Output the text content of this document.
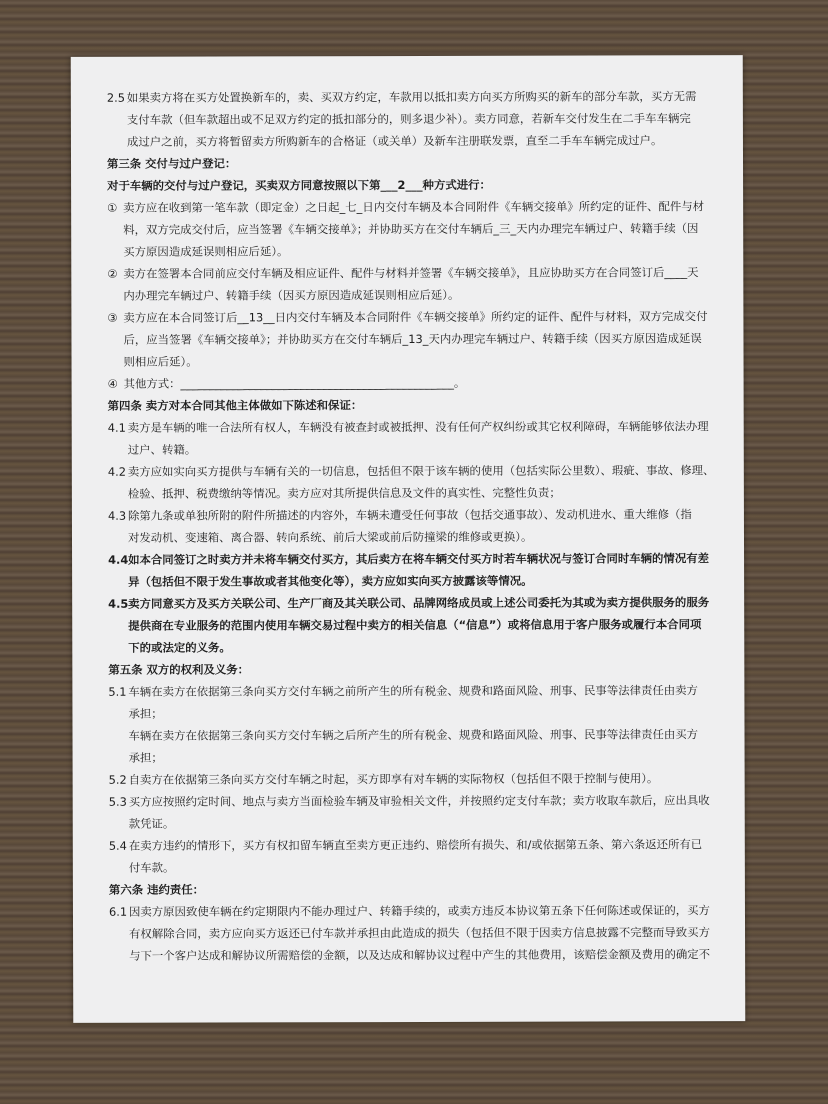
2.5 如果卖方将在买方处置换新车的，卖、买双方约定，车款用以抵扣卖方向买方所购买的新车的部分车款，买方无需
支付车款（但车款超出或不足双方约定的抵扣部分的，则多退少补）。卖方同意，若新车交付发生在二手车车辆完
成过户之前，买方将暂留卖方所购新车的合格证（或关单）及新车注册联发票，直至二手车车辆完成过户。
第三条 交付与过户登记：
对于车辆的交付与过户登记，买卖双方同意按照以下第___2___种方式进行：
① 卖方应在收到第一笔车款（即定金）之日起_七_日内交付车辆及本合同附件《车辆交接单》所约定的证件、配件与材
料，双方完成交付后，应当签署《车辆交接单》；并协助买方在交付车辆后_三_天内办理完车辆过户、转籍手续（因
买方原因造成延误则相应后延）。
② 卖方在签署本合同前应交付车辆及相应证件、配件与材料并签署《车辆交接单》，且应协助买方在合同签订后____天
内办理完车辆过户、转籍手续（因买方原因造成延误则相应后延）。
③ 卖方应在本合同签订后__13__日内交付车辆及本合同附件《车辆交接单》所约定的证件、配件与材料，双方完成交付
后，应当签署《车辆交接单》；并协助买方在交付车辆后_13_天内办理完车辆过户、转籍手续（因买方原因造成延误
则相应后延）。
④ 其他方式：________________________________________________。
第四条 卖方对本合同其他主体做如下陈述和保证：
4.1 卖方是车辆的唯一合法所有权人，车辆没有被查封或被抵押、没有任何产权纠纷或其它权利障碍，车辆能够依法办理
过户、转籍。
4.2 卖方应如实向买方提供与车辆有关的一切信息，包括但不限于该车辆的使用（包括实际公里数）、瑕疵、事故、修理、
检验、抵押、税费缴纳等情况。卖方应对其所提供信息及文件的真实性、完整性负责；
4.3 除第九条或单独所附的附件所描述的内容外，车辆未遭受任何事故（包括交通事故）、发动机进水、重大维修（指
对发动机、变速箱、离合器、转向系统、前后大梁或前后防撞梁的维修或更换）。
4.4 如本合同签订之时卖方并未将车辆交付买方，其后卖方在将车辆交付买方时若车辆状况与签订合同时车辆的情况有差
异（包括但不限于发生事故或者其他变化等），卖方应如实向买方披露该等情况。
4.5 卖方同意买方及买方关联公司、生产厂商及其关联公司、品牌网络成员或上述公司委托为其或为卖方提供服务的服务
提供商在专业服务的范围内使用车辆交易过程中卖方的相关信息（“信息”）或将信息用于客户服务或履行本合同项
下的或法定的义务。
第五条 双方的权利及义务：
5.1 车辆在卖方在依据第三条向买方交付车辆之前所产生的所有税金、规费和路面风险、刑事、民事等法律责任由卖方
承担；
车辆在卖方在依据第三条向买方交付车辆之后所产生的所有税金、规费和路面风险、刑事、民事等法律责任由买方
承担；
5.2 自卖方在依据第三条向买方交付车辆之时起，买方即享有对车辆的实际物权（包括但不限于控制与使用）。
5.3 买方应按照约定时间、地点与卖方当面检验车辆及审验相关文件，并按照约定支付车款；卖方收取车款后，应出具收
款凭证。
5.4 在卖方违约的情形下，买方有权扣留车辆直至卖方更正违约、赔偿所有损失、和/或依据第五条、第六条返还所有已
付车款。
第六条 违约责任：
6.1 因卖方原因致使车辆在约定期限内不能办理过户、转籍手续的，或卖方违反本协议第五条下任何陈述或保证的，买方
有权解除合同，卖方应向买方返还已付车款并承担由此造成的损失（包括但不限于因卖方信息披露不完整而导致买方
与下一个客户达成和解协议所需赔偿的金额，以及达成和解协议过程中产生的其他费用，该赔偿金额及费用的确定不
